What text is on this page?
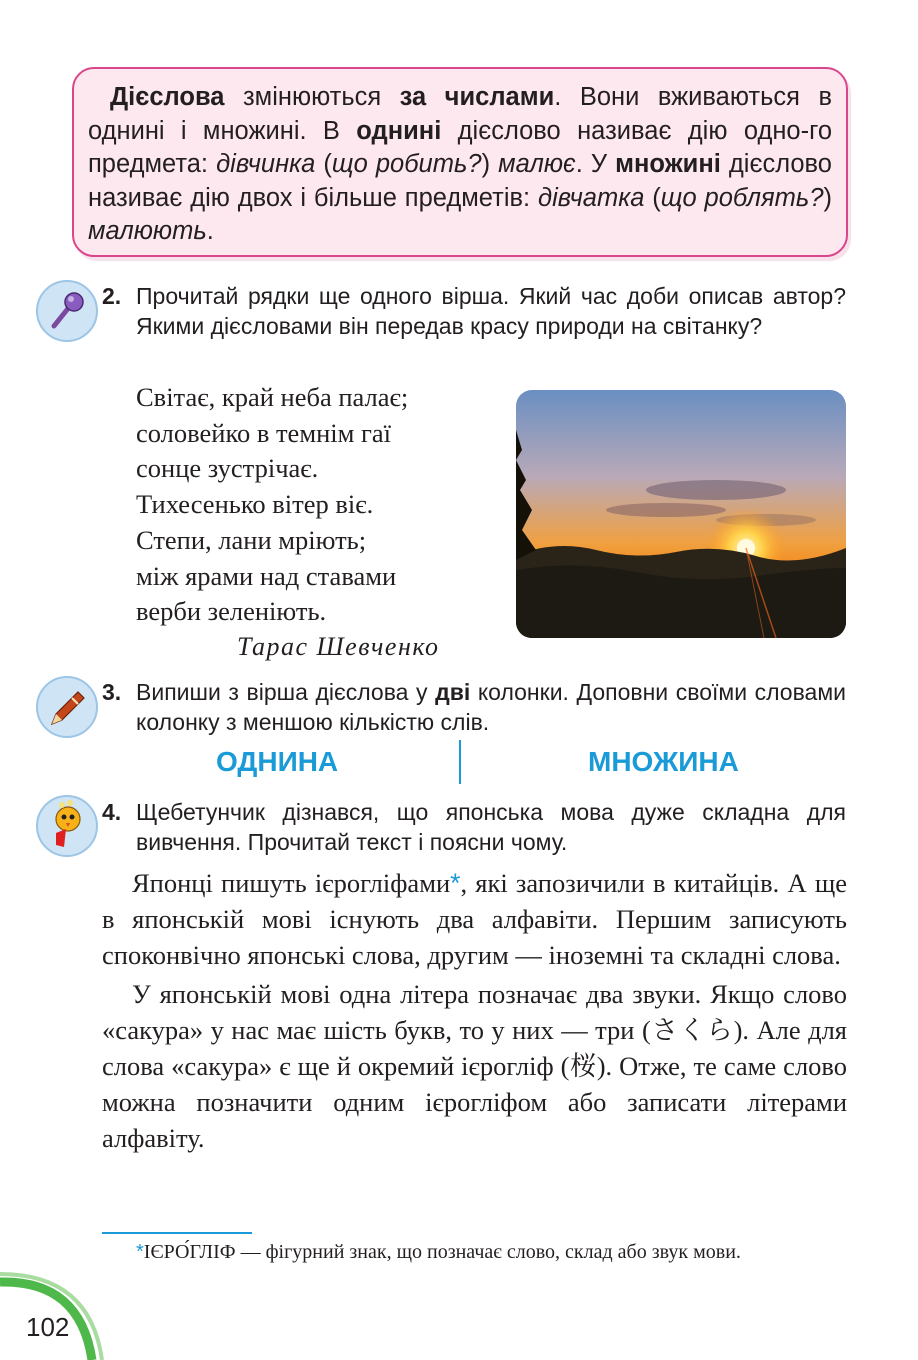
Дієслова змінюються за числами. Вони вживаються в однині і множині. В однині дієслово називає дію одно-го предмета: дівчинка (що робить?) малює. У множині дієслово називає дію двох і більше предметів: дівчатка (що роблять?) малюють.
2. Прочитай рядки ще одного вірша. Який час доби описав автор? Якими дієсловами він передав красу природи на світанку?
Світає, край неба палає;
соловейко в темнім гаї
сонце зустрічає.
Тихесенько вітер віє.
Степи, лани мріють;
між ярами над ставами
верби зеленіють.
Тарас Шевченко
3. Випиши з вірша дієслова у дві колонки. Доповни своїми словами колонку з меншою кількістю слів.
ОДНИНА	МНОЖИНА
4. Щебетунчик дізнався, що японська мова дуже складна для вивчення. Прочитай текст і поясни чому.

Японці пишуть ієрогліфами*, які запозичили в китайців. А ще в японській мові існують два алфавіти. Першим записують споконвічно японські слова, другим — іноземні та складні слова.

У японській мові одна літера позначає два звуки. Якщо слово «сакура» у нас має шість букв, то у них — три (さくら). Але для слова «сакура» є ще й окремий ієрогліф (桜). Отже, те саме слово можна позначити одним ієрогліфом або записати літерами алфавіту.

*ІЄРО́ГЛІФ — фігурний знак, що позначає слово, склад або звук мови.
102
